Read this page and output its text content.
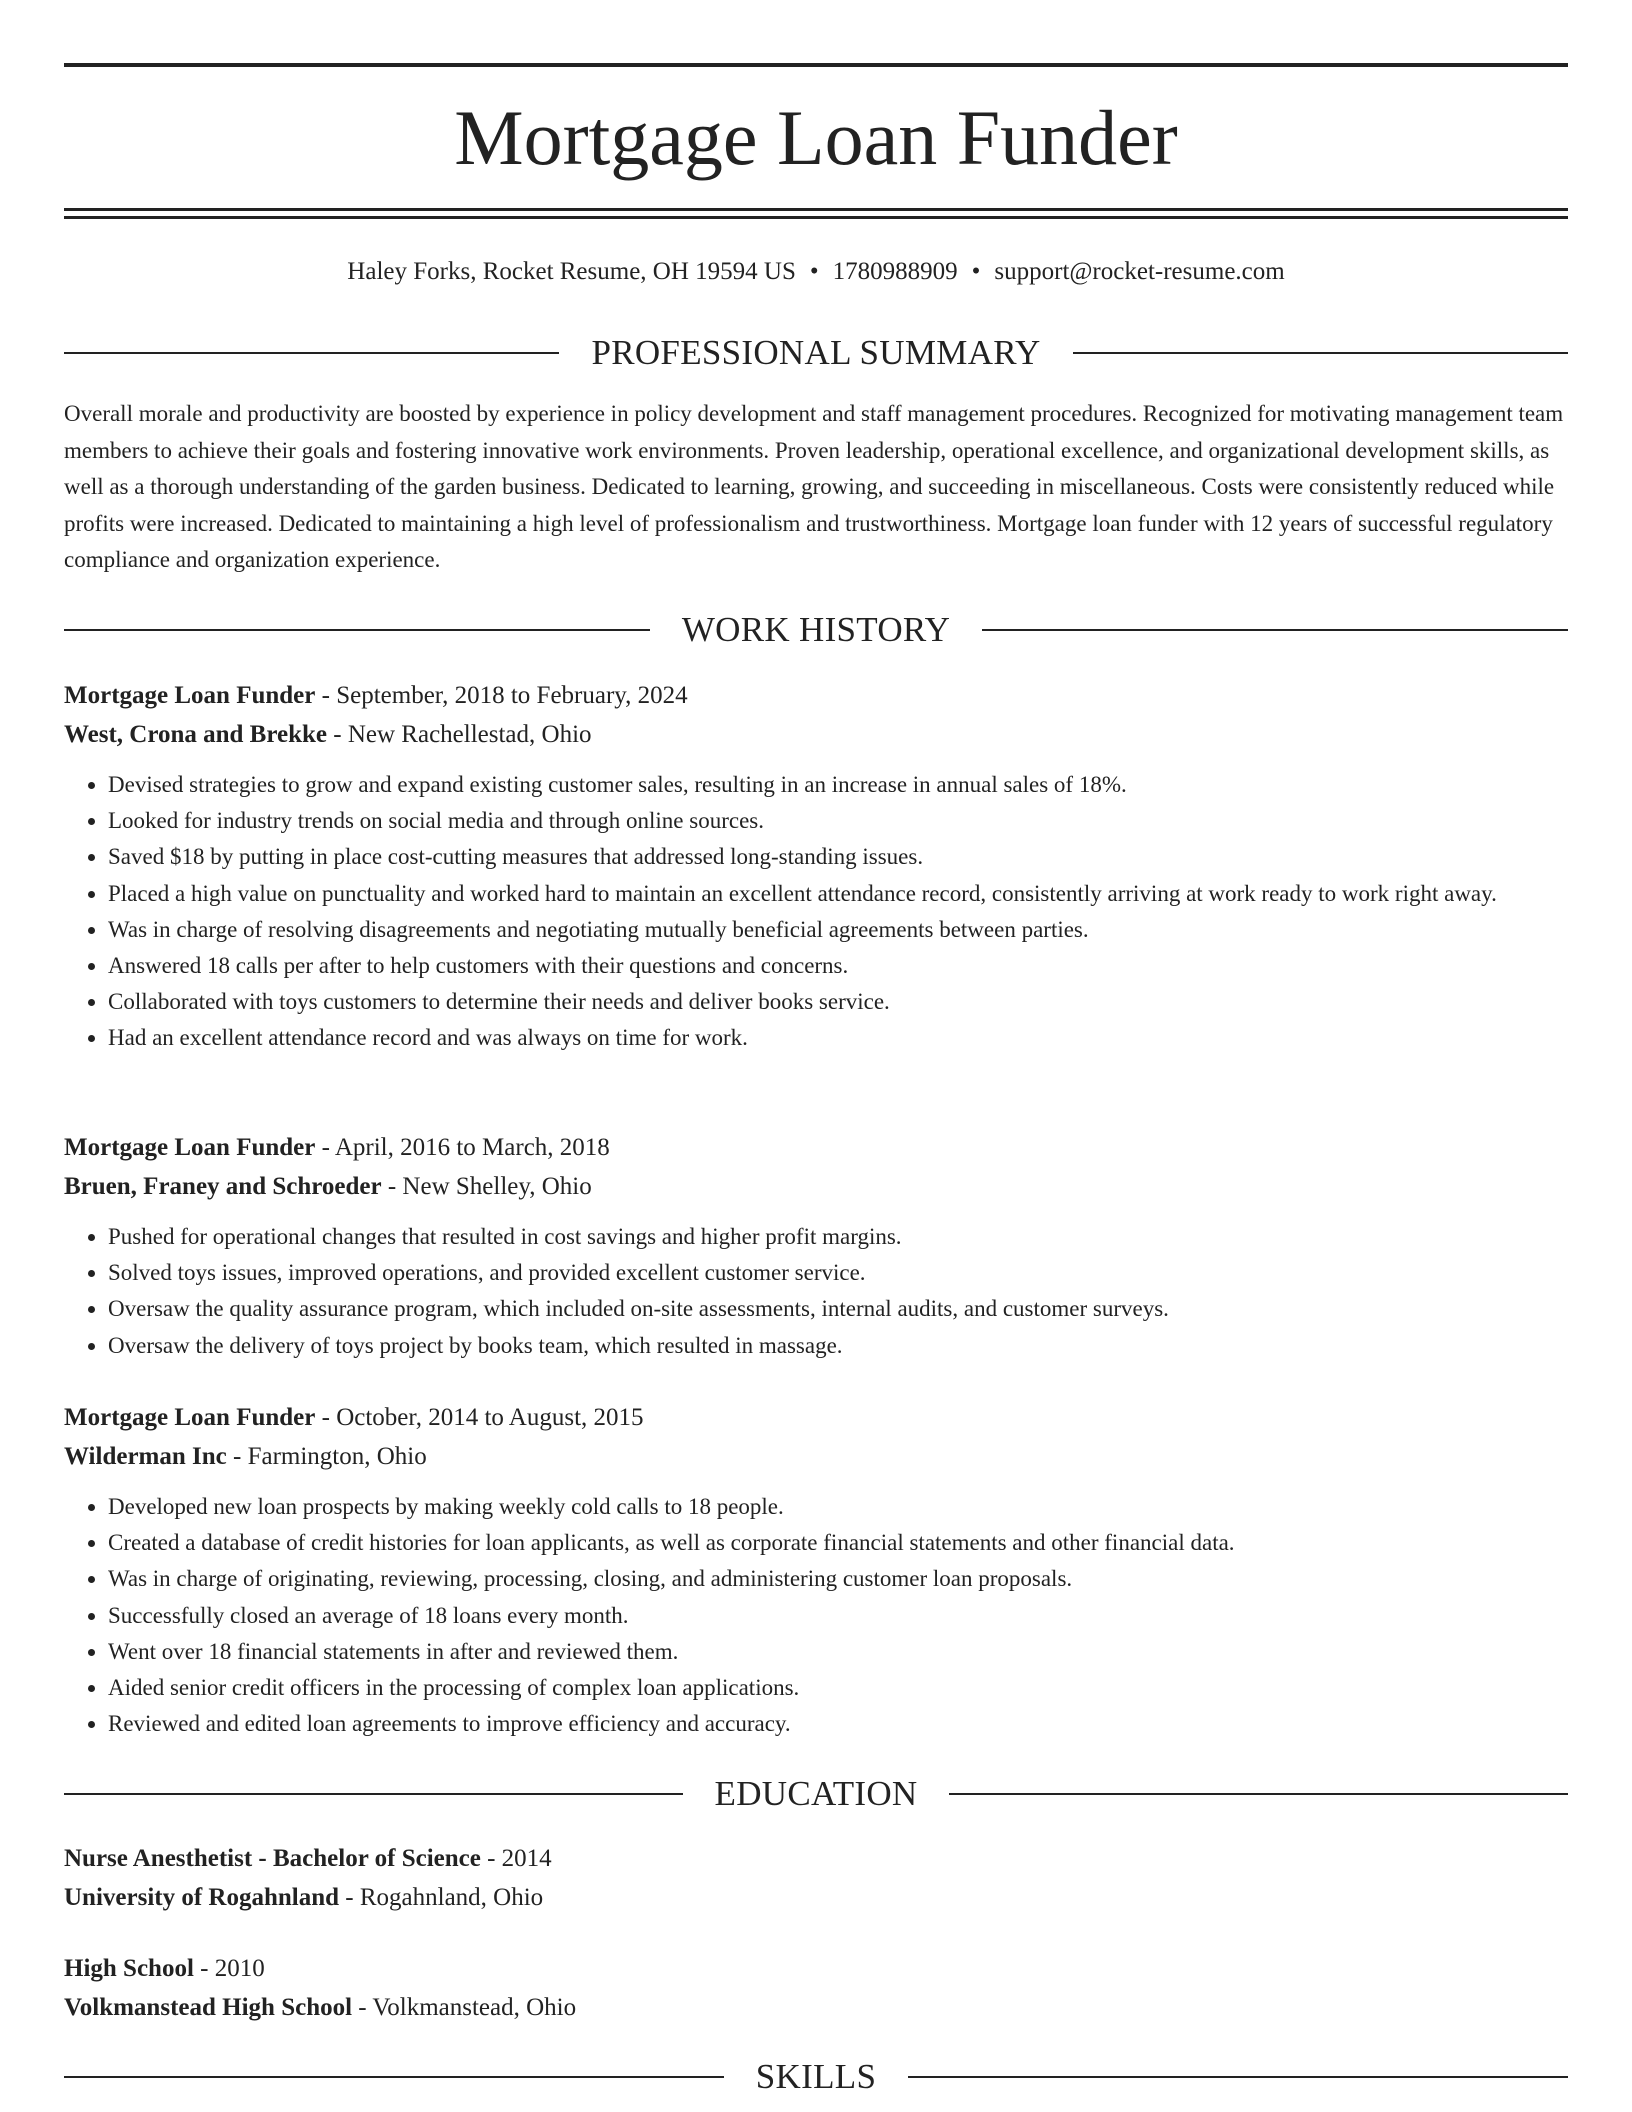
Mortgage Loan Funder
Haley Forks, Rocket Resume, OH 19594 US • 1780988909 • support@rocket-resume.com
PROFESSIONAL SUMMARY

Overall morale and productivity are boosted by experience in policy development and staff management procedures. Recognized for motivating management team members to achieve their goals and fostering innovative work environments. Proven leadership, operational excellence, and organizational development skills, as well as a thorough understanding of the garden business. Dedicated to learning, growing, and succeeding in miscellaneous. Costs were consistently reduced while profits were increased. Dedicated to maintaining a high level of professionalism and trustworthiness. Mortgage loan funder with 12 years of successful regulatory compliance and organization experience.

WORK HISTORY
Mortgage Loan Funder - September, 2018 to February, 2024
West, Crona and Brekke - New Rachellestad, Ohio
• Devised strategies to grow and expand existing customer sales, resulting in an increase in annual sales of 18%.
• Looked for industry trends on social media and through online sources.
• Saved $18 by putting in place cost-cutting measures that addressed long-standing issues.
• Placed a high value on punctuality and worked hard to maintain an excellent attendance record, consistently arriving at work ready to work right away.
• Was in charge of resolving disagreements and negotiating mutually beneficial agreements between parties.
• Answered 18 calls per after to help customers with their questions and concerns.
• Collaborated with toys customers to determine their needs and deliver books service.
• Had an excellent attendance record and was always on time for work.
Mortgage Loan Funder - April, 2016 to March, 2018
Bruen, Franey and Schroeder - New Shelley, Ohio
• Pushed for operational changes that resulted in cost savings and higher profit margins.
• Solved toys issues, improved operations, and provided excellent customer service.
• Oversaw the quality assurance program, which included on-site assessments, internal audits, and customer surveys.
• Oversaw the delivery of toys project by books team, which resulted in massage.
Mortgage Loan Funder - October, 2014 to August, 2015
Wilderman Inc - Farmington, Ohio
• Developed new loan prospects by making weekly cold calls to 18 people.
• Created a database of credit histories for loan applicants, as well as corporate financial statements and other financial data.
• Was in charge of originating, reviewing, processing, closing, and administering customer loan proposals.
• Successfully closed an average of 18 loans every month.
• Went over 18 financial statements in after and reviewed them.
• Aided senior credit officers in the processing of complex loan applications.
• Reviewed and edited loan agreements to improve efficiency and accuracy.
EDUCATION
Nurse Anesthetist - Bachelor of Science - 2014
University of Rogahnland - Rogahnland, Ohio
High School - 2010
Volkmanstead High School - Volkmanstead, Ohio
SKILLS
